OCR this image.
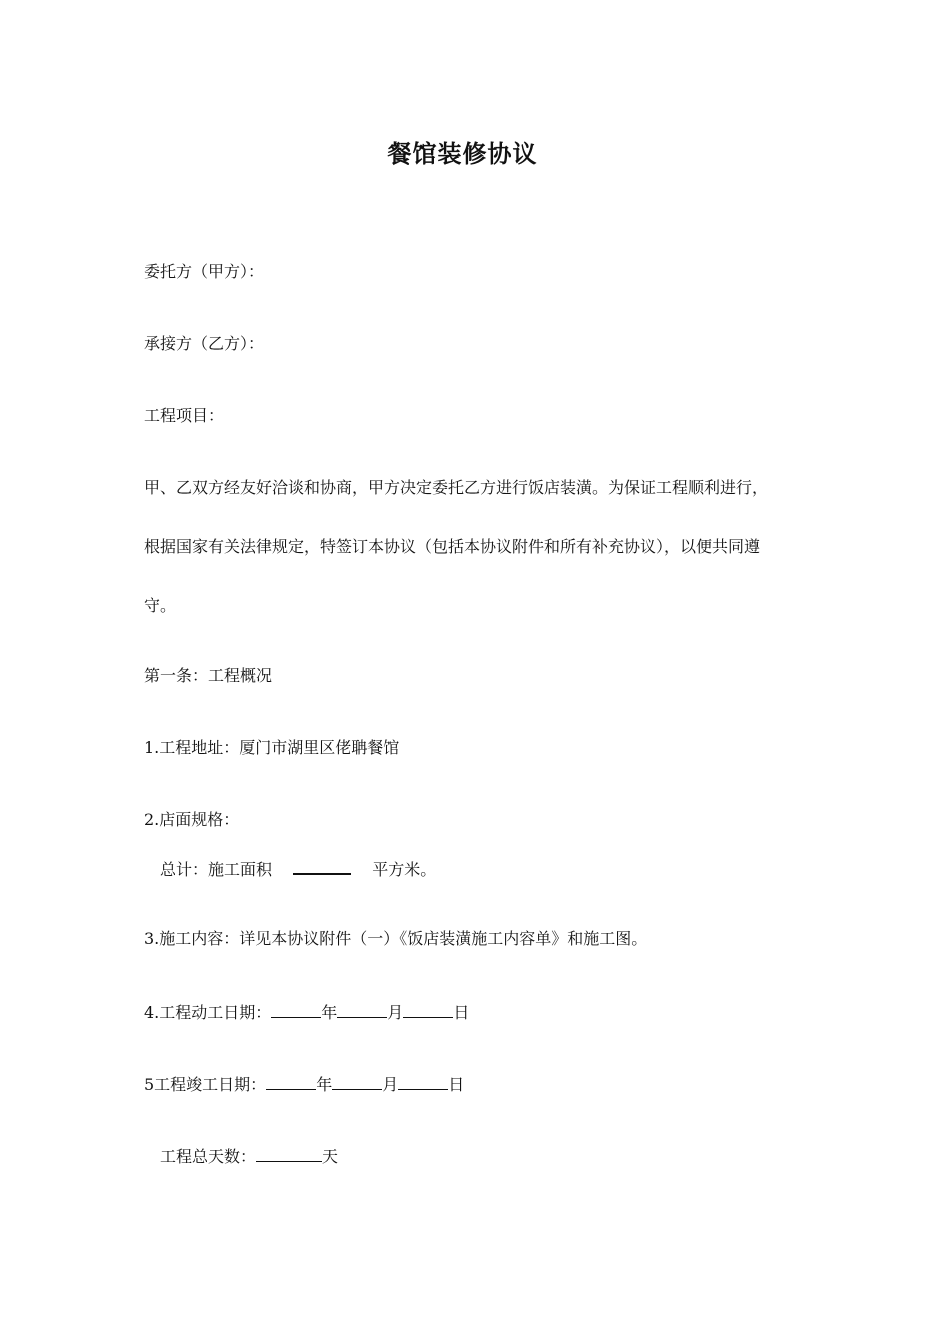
餐馆装修协议
委托方（甲方）：
承接方（乙方）：
工程项目：
甲、乙双方经友好洽谈和协商，甲方决定委托乙方进行饭店装潢。为保证工程顺利进行，
根据国家有关法律规定，特签订本协议（包括本协议附件和所有补充协议），以便共同遵
守。
第一条：工程概况
1.工程地址：厦门市湖里区佬聃餐馆
2.店面规格：
总计：施工面积	平方米。
3.施工内容：详见本协议附件（一）《饭店装潢施工内容单》和施工图。
4.工程动工日期：	年	月	日
5工程竣工日期：	年	月	日
工程总天数：	天
